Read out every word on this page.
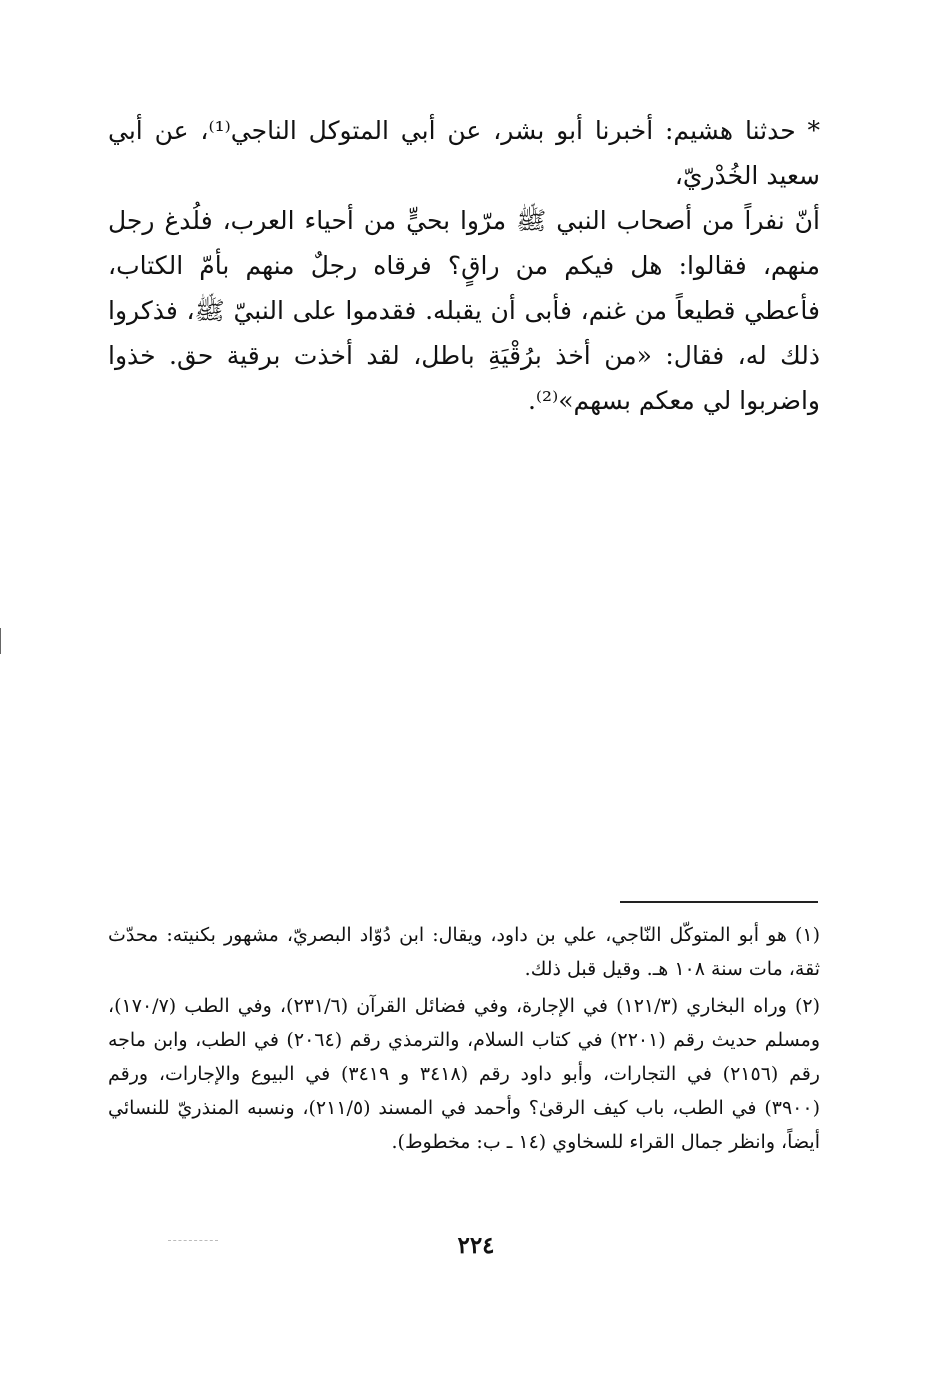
* حدثنا هشيم: أخبرنا أبو بشر، عن أبي المتوكل الناجي⁽¹⁾، عن أبي سعيد الخُدْريّ،

أنّ نفراً من أصحاب النبي ﷺ مرّوا بحيٍّ من أحياء العرب، فلُدغ رجل منهم، فقالوا: هل فيكم من راقٍ؟ فرقاه رجلٌ منهم بأمّ الكتاب، فأعطي قطيعاً من غنم، فأبى أن يقبله. فقدموا على النبيّ ﷺ، فذكروا ذلك له، فقال: «من أخذ برُقْيَةِ باطل، لقد أخذت برقية حق. خذوا واضربوا لي معكم بسهم»⁽²⁾.

(١) هو أبو المتوكّل النّاجي، علي بن داود، ويقال: ابن دُوّاد البصريّ، مشهور بكنيته: محدّث ثقة، مات سنة ١٠٨ هـ. وقيل قبل ذلك.

(٢) وراه البخاري (١٢١/٣) في الإجارة، وفي فضائل القرآن (٢٣١/٦)، وفي الطب (١٧٠/٧)، ومسلم حديث رقم (٢٢٠١) في كتاب السلام، والترمذي رقم (٢٠٦٤) في الطب، وابن ماجه رقم (٢١٥٦) في التجارات، وأبو داود رقم (٣٤١٨ و ٣٤١٩) في البيوع والإجارات، ورقم (٣٩٠٠) في الطب، باب كيف الرقىٰ؟ وأحمد في المسند (٢١١/٥)، ونسبه المنذريّ للنسائي أيضاً، وانظر جمال القراء للسخاوي (١٤ ـ ب: مخطوط).

٢٢٤
